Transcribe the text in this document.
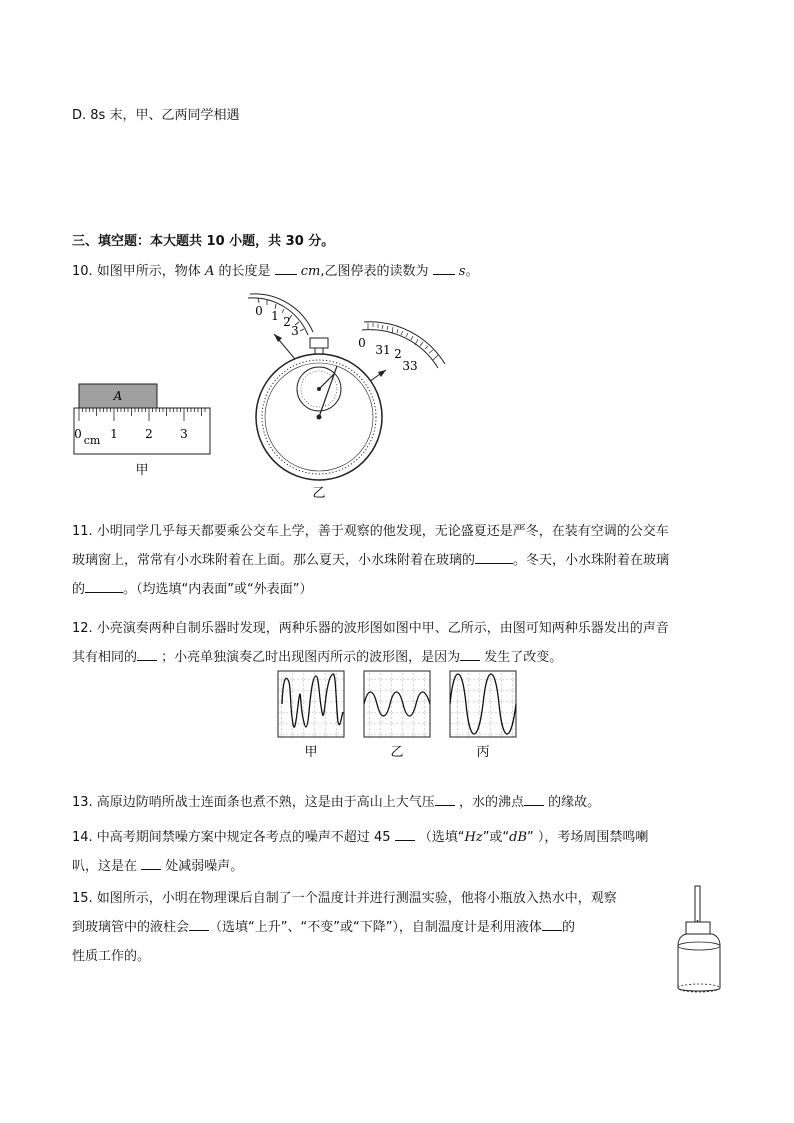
D. 8s 末，甲、乙两同学相遇
三、填空题：本大题共 10 小题，共 30 分。
10. 如图甲所示，物体 A 的长度是  cm,乙图停表的读数为  s。
A
0 cm 1 2 3
甲
0 1 2
3
0 31 2
33
乙
11. 小明同学几乎每天都要乘公交车上学，善于观察的他发现，无论盛夏还是严冬，在装有空调的公交车
玻璃窗上，常常有小水珠附着在上面。那么夏天，小水珠附着在玻璃的	。冬天，小水珠附着在玻璃
的	。（均选填“内表面”或“外表面”）
12. 小亮演奏两种自制乐器时发现，两种乐器的波形图如图中甲、乙所示，由图可知两种乐器发出的声音
其有相同的 ；小亮单独演奏乙时出现图丙所示的波形图，是因为 发生了改变。
甲	乙	丙
13. 高原边防哨所战士连面条也煮不熟，这是由于高山上大气压 ，水的沸点 的缘故。
14. 中高考期间禁噪方案中规定各考点的噪声不超过 45  （选填“Hz”或“dB” ），考场周围禁鸣喇
叭，这是在  处减弱噪声。
15. 如图所示，小明在物理课后自制了一个温度计并进行测温实验，他将小瓶放入热水中，观察
到玻璃管中的液柱会 （选填“上升”、“不变”或“下降”），自制温度计是利用液体 的
性质工作的。
